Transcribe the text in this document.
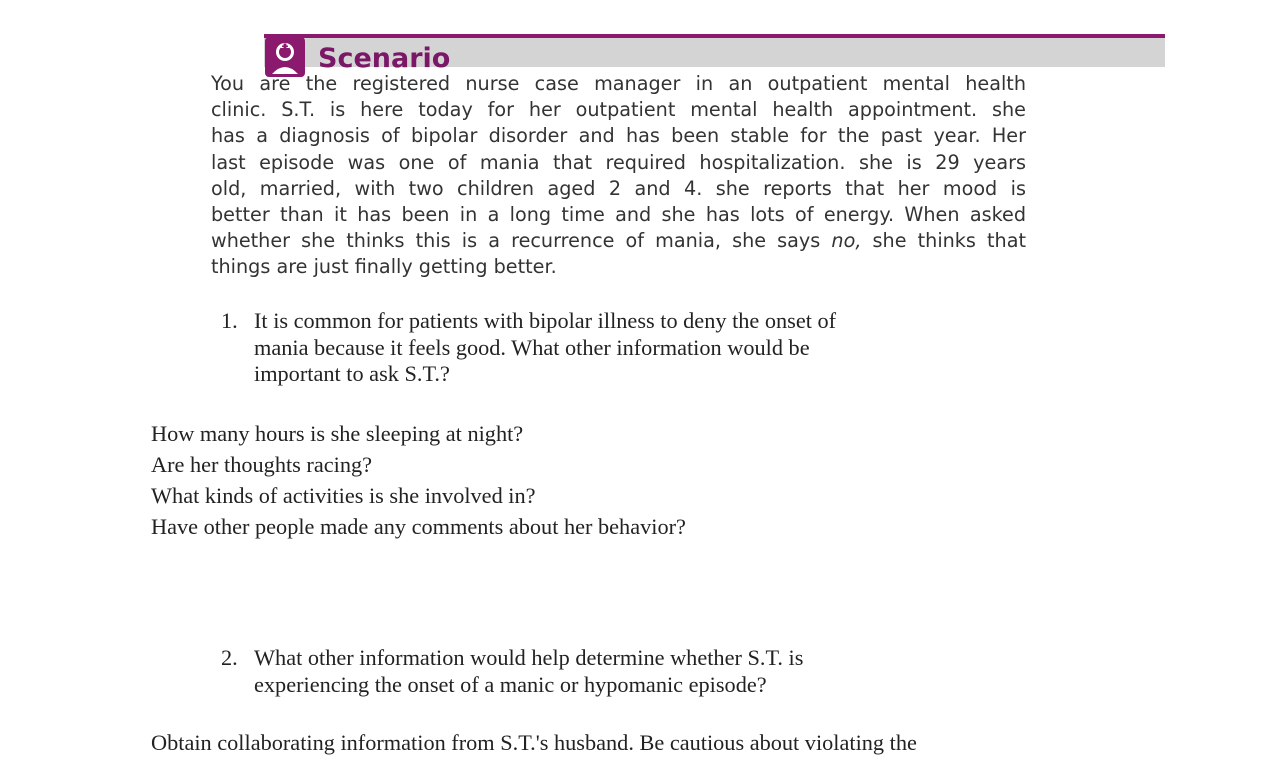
Scenario
You are the registered nurse case manager in an outpatient mental health
clinic. S.T. is here today for her outpatient mental health appointment. she
has a diagnosis of bipolar disorder and has been stable for the past year. Her
last episode was one of mania that required hospitalization. she is 29 years
old, married, with two children aged 2 and 4. she reports that her mood is
better than it has been in a long time and she has lots of energy. When asked
whether she thinks this is a recurrence of mania, she says no, she thinks that
things are just finally getting better.
1. It is common for patients with bipolar illness to deny the onset of
mania because it feels good. What other information would be
important to ask S.T.?
How many hours is she sleeping at night?
Are her thoughts racing?
What kinds of activities is she involved in?
Have other people made any comments about her behavior?
2. What other information would help determine whether S.T. is
experiencing the onset of a manic or hypomanic episode?
Obtain collaborating information from S.T.'s husband. Be cautious about violating the
